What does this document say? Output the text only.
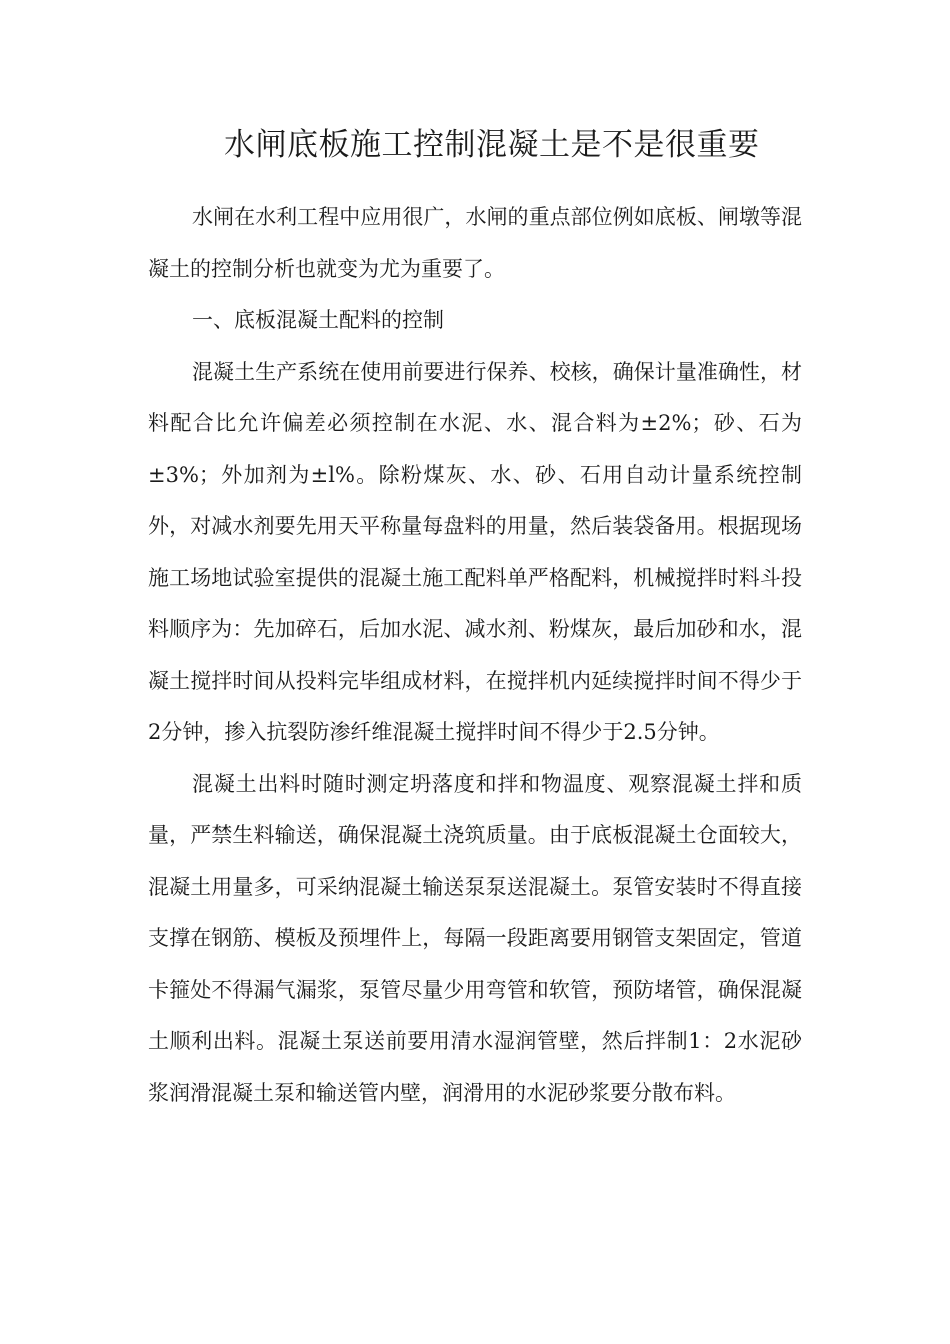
水闸底板施工控制混凝土是不是很重要

水闸在水利工程中应用很广，水闸的重点部位例如底板、闸墩等混凝土的控制分析也就变为尤为重要了。

一、底板混凝土配料的控制

混凝土生产系统在使用前要进行保养、校核，确保计量准确性，材料配合比允许偏差必须控制在水泥、水、混合料为±2%；砂、石为±3%；外加剂为±l%。除粉煤灰、水、砂、石用自动计量系统控制外，对减水剂要先用天平称量每盘料的用量，然后装袋备用。根据现场施工场地试验室提供的混凝土施工配料单严格配料，机械搅拌时料斗投料顺序为：先加碎石，后加水泥、减水剂、粉煤灰，最后加砂和水，混凝土搅拌时间从投料完毕组成材料，在搅拌机内延续搅拌时间不得少于2分钟，掺入抗裂防渗纤维混凝土搅拌时间不得少于2.5分钟。

混凝土出料时随时测定坍落度和拌和物温度、观察混凝土拌和质量，严禁生料输送，确保混凝土浇筑质量。由于底板混凝土仓面较大，混凝土用量多，可采纳混凝土输送泵泵送混凝土。泵管安装时不得直接支撑在钢筋、模板及预埋件上，每隔一段距离要用钢管支架固定，管道卡箍处不得漏气漏浆，泵管尽量少用弯管和软管，预防堵管，确保混凝土顺利出料。混凝土泵送前要用清水湿润管壁，然后拌制1：2水泥砂浆润滑混凝土泵和输送管内壁，润滑用的水泥砂浆要分散布料。
